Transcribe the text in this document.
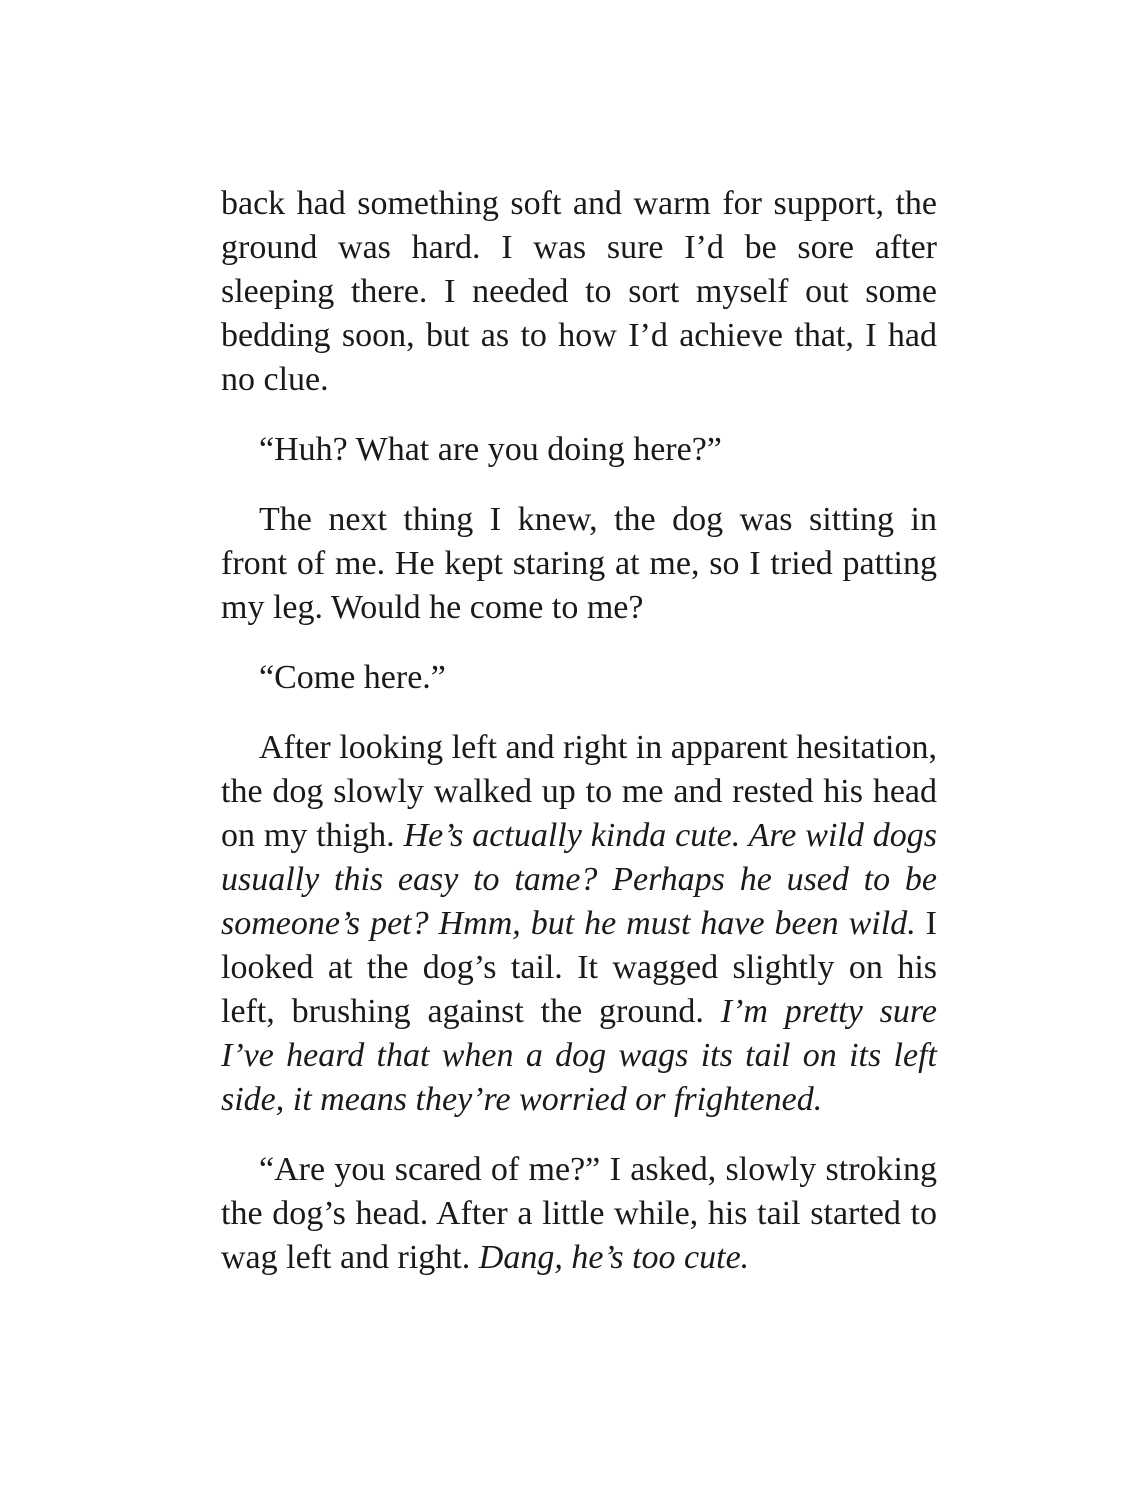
back had something soft and warm for support, the ground was hard. I was sure I’d be sore after sleeping there. I needed to sort myself out some bedding soon, but as to how I’d achieve that, I had no clue.

“Huh? What are you doing here?”

The next thing I knew, the dog was sitting in front of me. He kept staring at me, so I tried patting my leg. Would he come to me?

“Come here.”

After looking left and right in apparent hesitation, the dog slowly walked up to me and rested his head on my thigh. He’s actually kinda cute. Are wild dogs usually this easy to tame? Perhaps he used to be someone’s pet? Hmm, but he must have been wild. I looked at the dog’s tail. It wagged slightly on his left, brushing against the ground. I’m pretty sure I’ve heard that when a dog wags its tail on its left side, it means they’re worried or frightened.

“Are you scared of me?” I asked, slowly stroking the dog’s head. After a little while, his tail started to wag left and right. Dang, he’s too cute.
